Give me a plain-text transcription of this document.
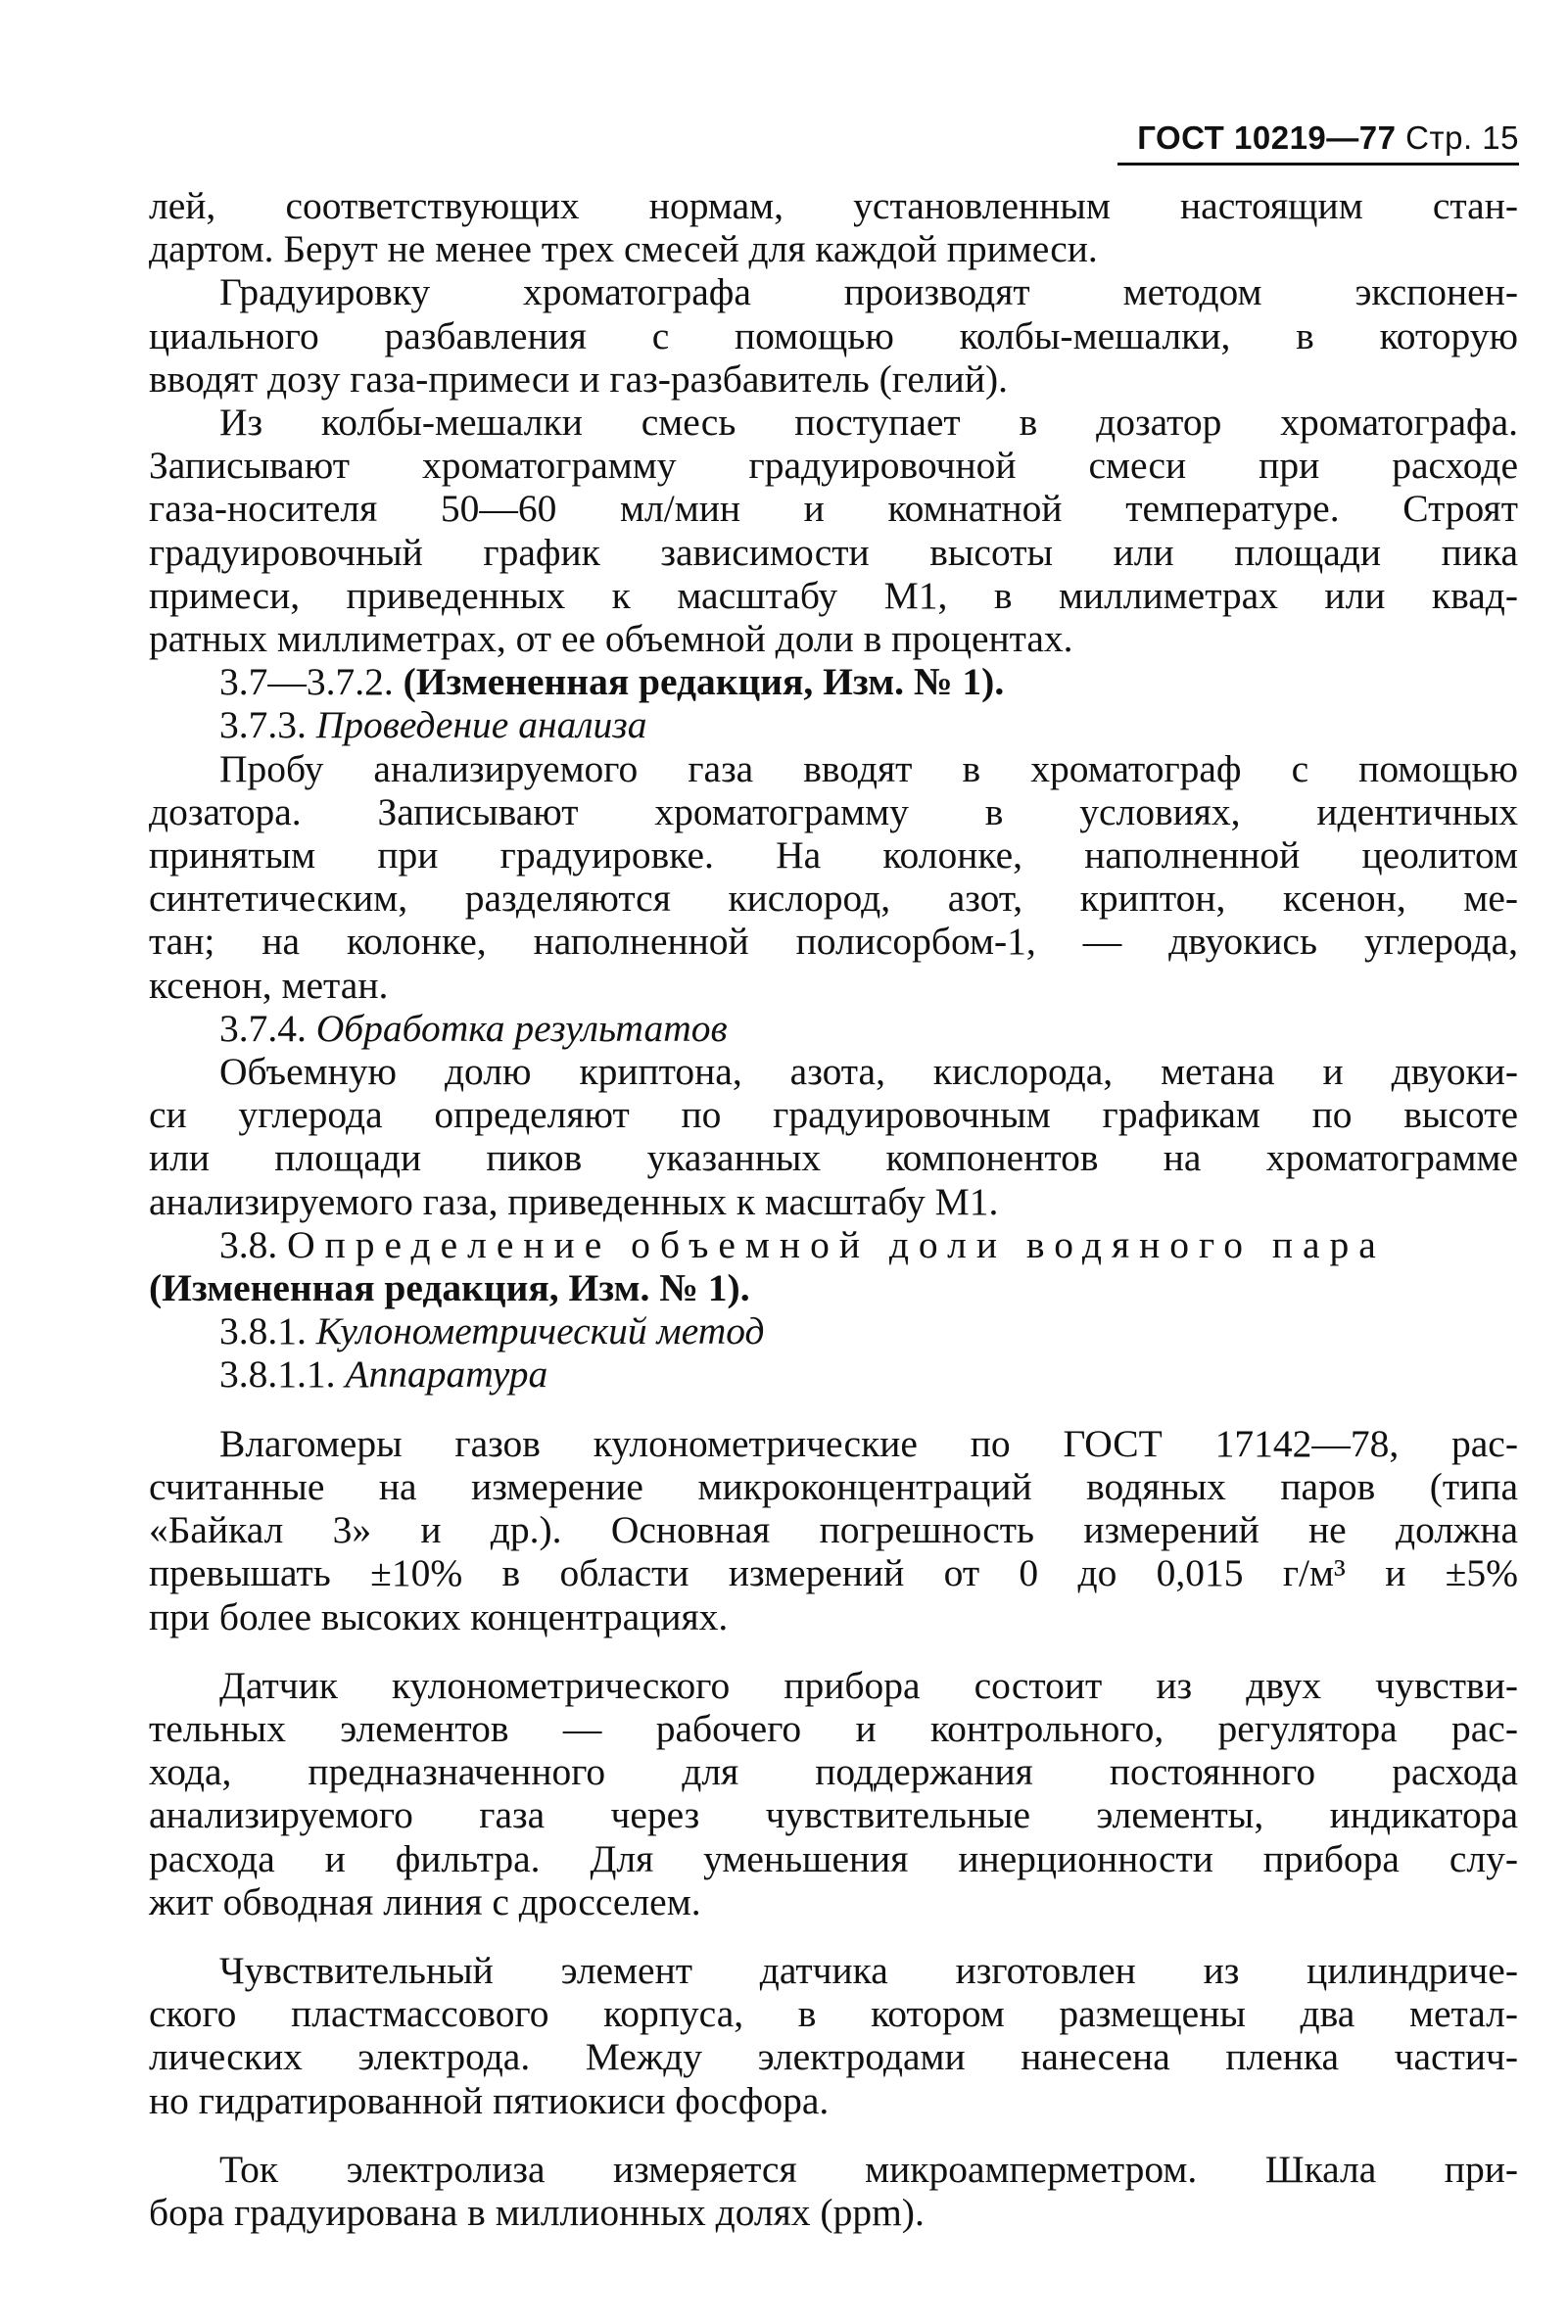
ГОСТ 10219—77 Стр. 15
лей, соответствующих нормам, установленным настоящим стан-
дартом. Берут не менее трех смесей для каждой примеси.
Градуировку хроматографа производят методом экспонен-
циального разбавления с помощью колбы-мешалки, в которую
вводят дозу газа-примеси и газ-разбавитель (гелий).
Из колбы-мешалки смесь поступает в дозатор хроматографа.
Записывают хроматограмму градуировочной смеси при расходе
газа-носителя 50—60 мл/мин и комнатной температуре. Строят
градуировочный график зависимости высоты или площади пика
примеси, приведенных к масштабу М1, в миллиметрах или квад-
ратных миллиметрах, от ее объемной доли в процентах.
3.7—3.7.2. (Измененная редакция, Изм. № 1).
3.7.3. Проведение анализа
Пробу анализируемого газа вводят в хроматограф с помощью
дозатора. Записывают хроматограмму в условиях, идентичных
принятым при градуировке. На колонке, наполненной цеолитом
синтетическим, разделяются кислород, азот, криптон, ксенон, ме-
тан; на колонке, наполненной полисорбом-1, — двуокись углерода,
ксенон, метан.
3.7.4. Обработка результатов
Объемную долю криптона, азота, кислорода, метана и двуоки-
си углерода определяют по градуировочным графикам по высоте
или площади пиков указанных компонентов на хроматограмме
анализируемого газа, приведенных к масштабу М1.
3.8. Определение объемной доли водяного пара
(Измененная редакция, Изм. № 1).
3.8.1. Кулонометрический метод
3.8.1.1. Аппаратура
Влагомеры газов кулонометрические по ГОСТ 17142—78, рас-
считанные на измерение микроконцентраций водяных паров (типа
«Байкал 3» и др.). Основная погрешность измерений не должна
превышать ±10% в области измерений от 0 до 0,015 г/м³ и ±5%
при более высоких концентрациях.
Датчик кулонометрического прибора состоит из двух чувстви-
тельных элементов — рабочего и контрольного, регулятора рас-
хода, предназначенного для поддержания постоянного расхода
анализируемого газа через чувствительные элементы, индикатора
расхода и фильтра. Для уменьшения инерционности прибора слу-
жит обводная линия с дросселем.
Чувствительный элемент датчика изготовлен из цилиндриче-
ского пластмассового корпуса, в котором размещены два метал-
лических электрода. Между электродами нанесена пленка частич-
но гидратированной пятиокиси фосфора.
Ток электролиза измеряется микроамперметром. Шкала при-
бора градуирована в миллионных долях (ppm).
